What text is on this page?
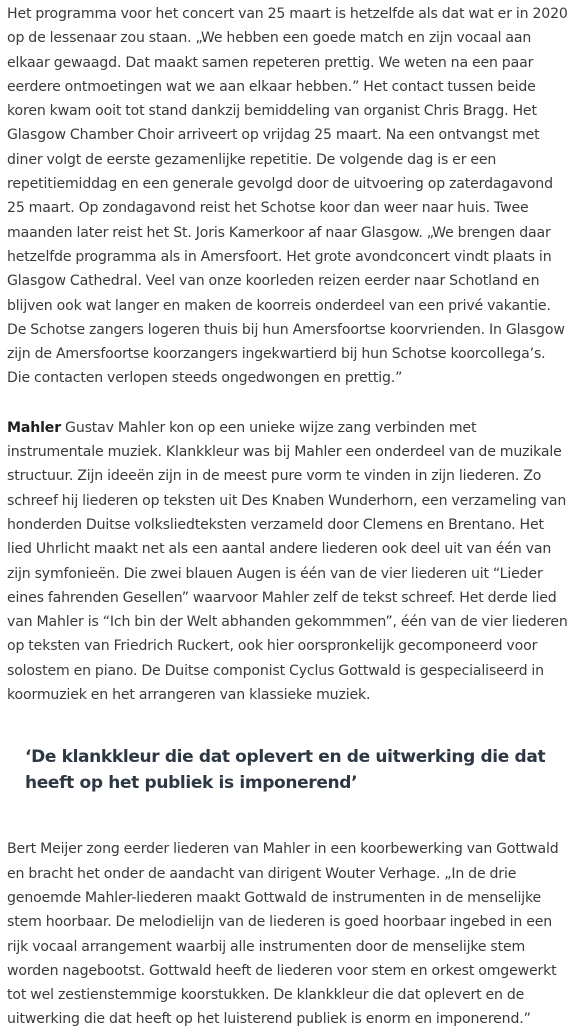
Het programma voor het concert van 25 maart is hetzelfde als dat wat er in 2020 op de lessenaar zou staan. „We hebben een goede match en zijn vocaal aan elkaar gewaagd. Dat maakt samen repeteren prettig. We weten na een paar eerdere ontmoetingen wat we aan elkaar hebben.” Het contact tussen beide koren kwam ooit tot stand dankzij bemiddeling van organist Chris Bragg. Het Glasgow Chamber Choir arriveert op vrijdag 25 maart. Na een ontvangst met diner volgt de eerste gezamenlijke repetitie. De volgende dag is er een repetitiemiddag en een generale gevolgd door de uitvoering op zaterdagavond 25 maart. Op zondagavond reist het Schotse koor dan weer naar huis. Twee maanden later reist het St. Joris Kamerkoor af naar Glasgow. „We brengen daar hetzelfde programma als in Amersfoort. Het grote avondconcert vindt plaats in Glasgow Cathedral. Veel van onze koorleden reizen eerder naar Schotland en blijven ook wat langer en maken de koorreis onderdeel van een privé vakantie. De Schotse zangers logeren thuis bij hun Amersfoortse koorvrienden. In Glasgow zijn de Amersfoortse koorzangers ingekwartierd bij hun Schotse koorcollega’s. Die contacten verlopen steeds ongedwongen en prettig.”

Mahler Gustav Mahler kon op een unieke wijze zang verbinden met instrumentale muziek. Klankkleur was bij Mahler een onderdeel van de muzikale structuur. Zijn ideeën zijn in de meest pure vorm te vinden in zijn liederen. Zo schreef hij liederen op teksten uit Des Knaben Wunderhorn, een verzameling van honderden Duitse volksliedteksten verzameld door Clemens en Brentano. Het lied Uhrlicht maakt net als een aantal andere liederen ook deel uit van één van zijn symfonieën. Die zwei blauen Augen is één van de vier liederen uit “Lieder eines fahrenden Gesellen” waarvoor Mahler zelf de tekst schreef. Het derde lied van Mahler is “Ich bin der Welt abhanden gekommmen”, één van de vier liederen op teksten van Friedrich Ruckert, ook hier oorspronkelijk gecomponeerd voor solostem en piano. De Duitse componist Cyclus Gottwald is gespecialiseerd in koormuziek en het arrangeren van klassieke muziek.

‘De klankkleur die dat oplevert en de uitwerking die dat heeft op het publiek is imponerend’

Bert Meijer zong eerder liederen van Mahler in een koorbewerking van Gottwald en bracht het onder de aandacht van dirigent Wouter Verhage. „In de drie genoemde Mahler-liederen maakt Gottwald de instrumenten in de menselijke stem hoorbaar. De melodielijn van de liederen is goed hoorbaar ingebed in een rijk vocaal arrangement waarbij alle instrumenten door de menselijke stem worden nagebootst. Gottwald heeft de liederen voor stem en orkest omgewerkt tot wel zestienstemmige koorstukken. De klankkleur die dat oplevert en de uitwerking die dat heeft op het luisterend publiek is enorm en imponerend.”
